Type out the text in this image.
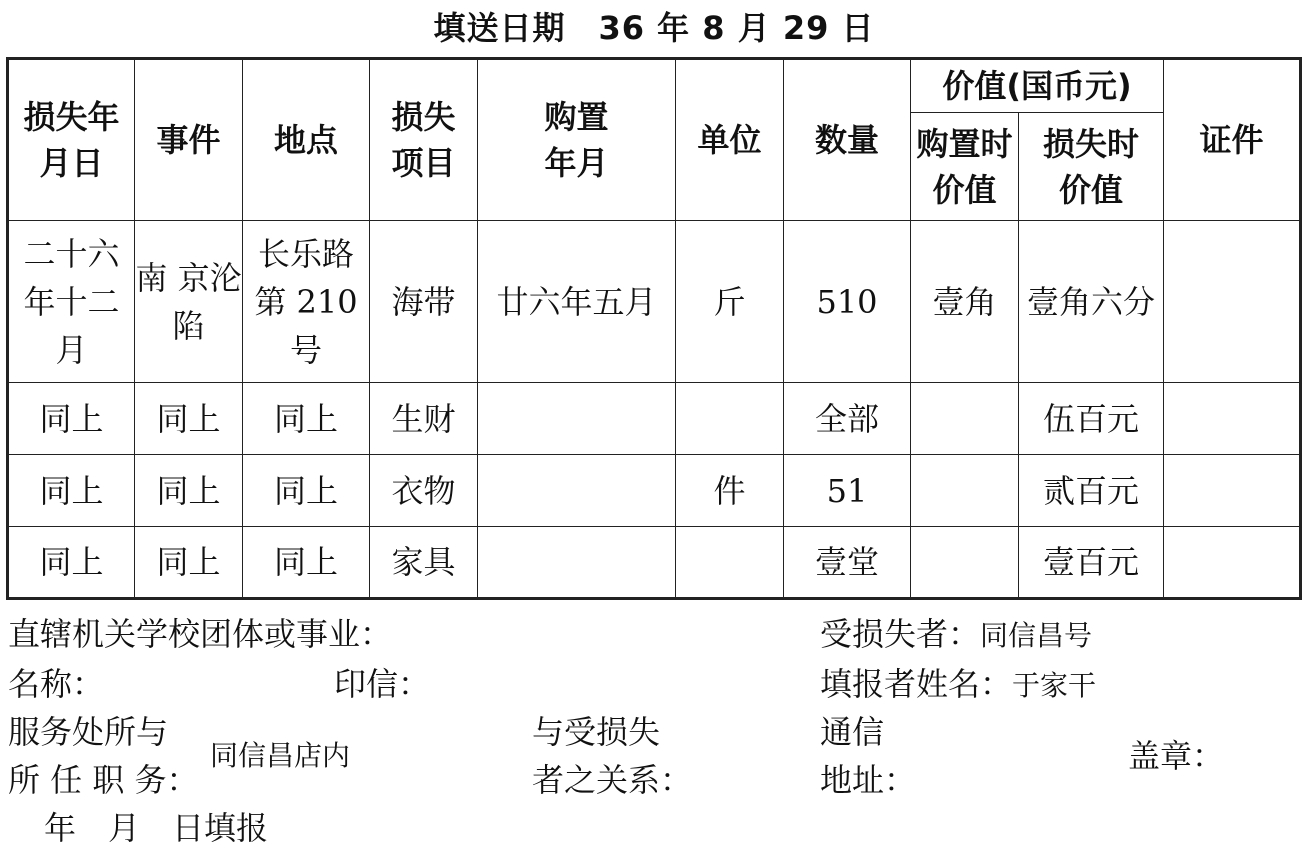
填送日期　36 年 8 月 29 日
损失年月日	事件	地点	损失项目	购置年月	单位	数量	价值(国币元)		证件

							购置时价值	损失时价值	

二十六年十二月	南 京沦陷	长乐路第 210号	海带	廿六年五月	斤	510	壹角	壹角六分	
同上	同上	同上	生财			全部		伍百元	
同上	同上	同上	衣物		件	51		贰百元	
同上	同上	同上	家具			壹堂		壹百元	
直辖机关学校团体或事业：
名称：	印信：
服务处所与
所 任 职 务：
同信昌店内
与受损失
者之关系：
受损失者：同信昌号
填报者姓名：于家干
通信
地址：
盖章：
年　月　日填报
